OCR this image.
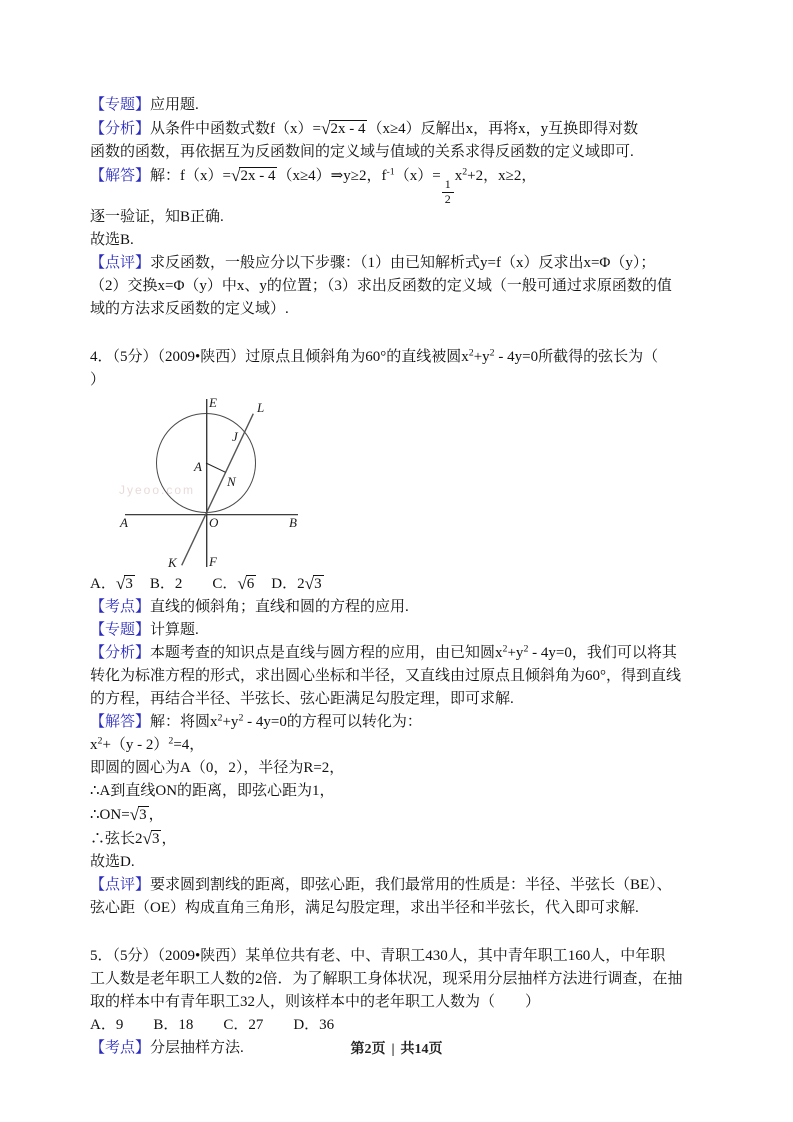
【专题】应用题.

【分析】从条件中函数式数f（x）=√2x - 4 （x≥4）反解出x，再将x，y互换即得对数

函数的函数，再依据互为反函数间的定义域与值域的关系求得反函数的定义域即可.

【解答】解：f（x）=√2x - 4 （x≥4）⇒y≥2，$f^{-1}(x)=$
$\frac{1}{2}$
$x^2+2$，x≥2，

逐一验证，知B正确.

故选B.

【点评】求反函数，一般应分以下步骤：（1）由已知解析式y=f（x）反求出x=Φ（y）；

（2）交换x=Φ（y）中x、y的位置；（3）求出反函数的定义域（一般可通过求原函数的值

域的方法求反函数的定义域）.

4．（5分）（2009•陕西）过原点且倾斜角为60°的直线被圆$x^2+y^2 - 4y=0$所截得的弦长为（

）

Jyeoo.com
E	L
J
A
N
A	O	B
K F

A．√3　B．2　　C．√6　D．2√3

【考点】直线的倾斜角；直线和圆的方程的应用.

【专题】计算题.

【分析】本题考查的知识点是直线与圆方程的应用，由已知圆$x^2+y^2 - 4y=0$，我们可以将其

转化为标准方程的形式，求出圆心坐标和半径，又直线由过原点且倾斜角为60°，得到直线

的方程，再结合半径、半弦长、弦心距满足勾股定理，即可求解.

【解答】解：将圆$x^2+y^2 - 4y=0$的方程可以转化为：

$x^2+(y - 2)^2=4$，

即圆的圆心为A（0，2），半径为R=2，

∴A到直线ON的距离，即弦心距为1，

∴ON=√3 ，

∴弦长2√3 ，

故选D.

【点评】要求圆到割线的距离，即弦心距，我们最常用的性质是：半径、半弦长（BE）、

弦心距（OE）构成直角三角形，满足勾股定理，求出半径和半弦长，代入即可求解.

5．（5分）（2009•陕西）某单位共有老、中、青职工430人，其中青年职工160人，中年职

工人数是老年职工人数的2倍．为了解职工身体状况，现采用分层抽样方法进行调查，在抽

取的样本中有青年职工32人，则该样本中的老年职工人数为（　　）

A．9　　B．18　　C．27　　D．36

【考点】分层抽样方法.	第2页 | 共14页
